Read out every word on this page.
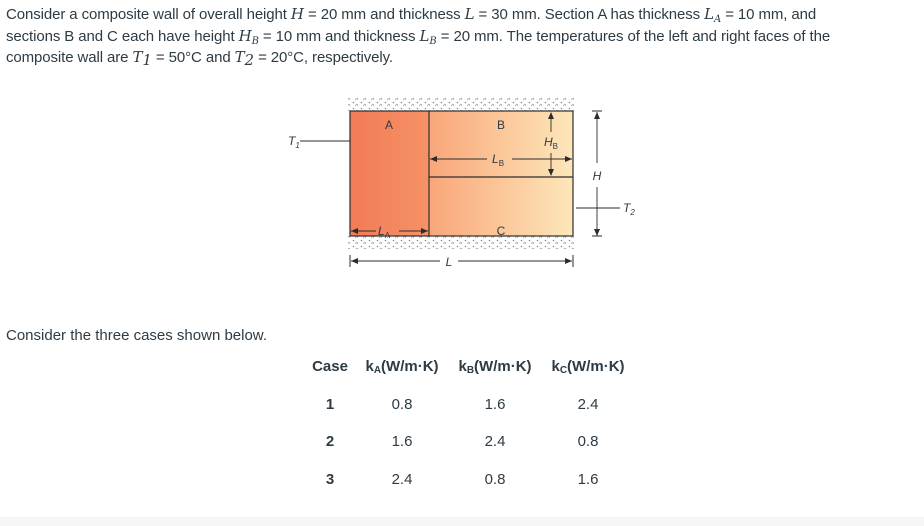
Consider a composite wall of overall height H = 20 mm and thickness L = 30 mm. Section A has thickness $L_A = 10$ mm, and
sections B and C each have height $H_B = 10$ mm and thickness $L_B = 20$ mm. The temperatures of the left and right faces of the
composite wall are $T_1 = 50^\circ C$ and $T_2 = 20^\circ C$, respectively.
A	B
C
$T_1$
$T_2$
$L_B$
$H_B$
H
$L_A$
L
Consider the three cases shown below.
Case $k_A(W/m\cdot K)$ $k_B(W/m\cdot K)$ $k_C(W/m\cdot K)$
1	0.8	1.6	2.4
2	1.6	2.4	0.8
3	2.4	0.8	1.6
